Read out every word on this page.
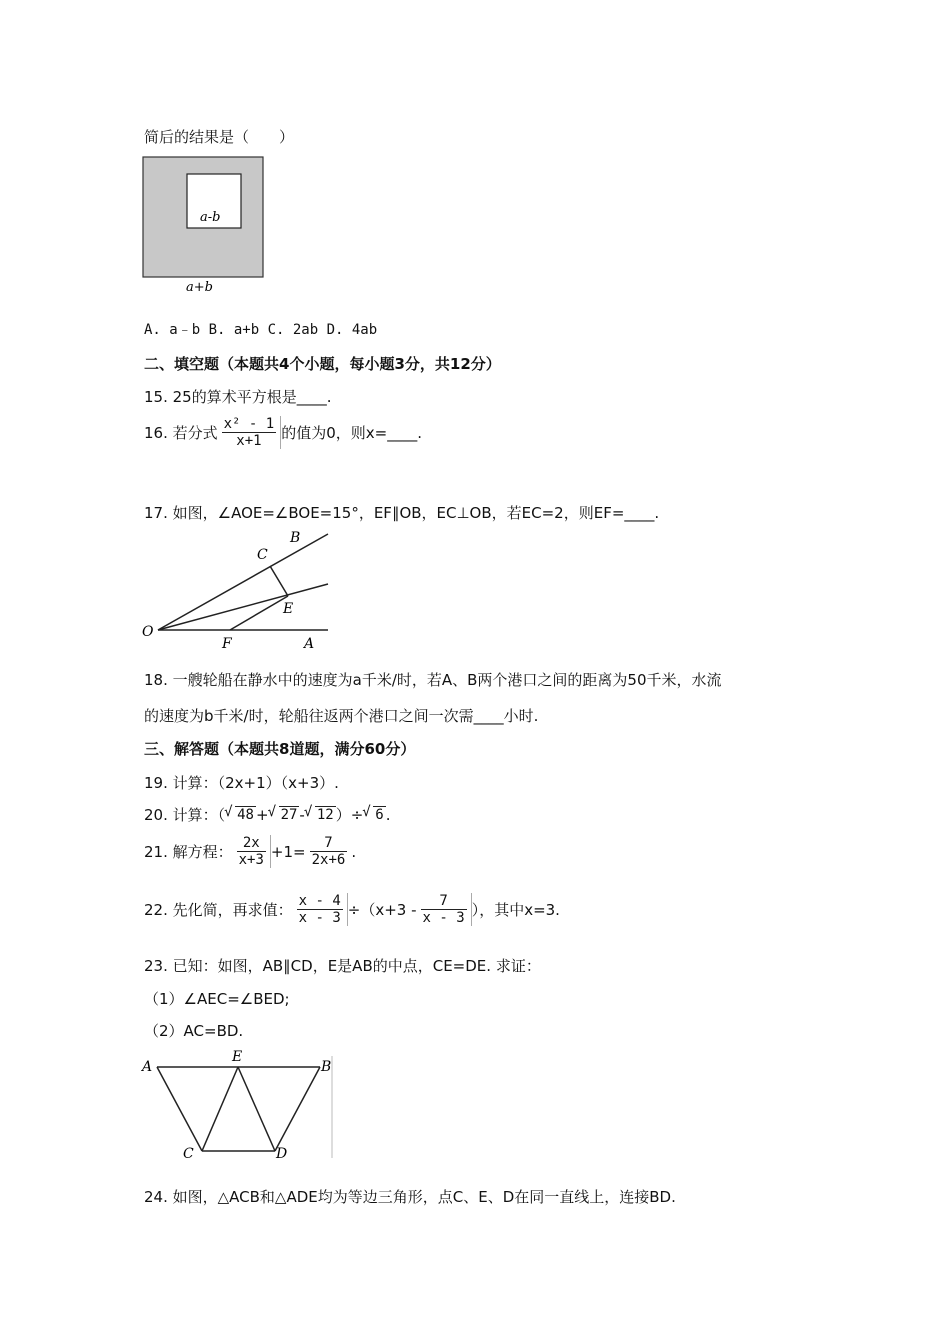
简后的结果是（　　）
a-b
a+b
A. a﹣b B. a+b C. 2ab D. 4ab
二、填空题（本题共4个小题，每小题3分，共12分）
15. 25的算术平方根是____.
16. 若分式 $\frac{\text{x² - 1}}{x+1}$ 的值为0，则x=____.
17. 如图，∠AOE=∠BOE=15°，EF∥OB，EC⊥OB，若EC=2，则EF=____.
B
C
E
O
F	A
18. 一艘轮船在静水中的速度为a千米/时，若A、B两个港口之间的距离为50千米，水流
的速度为b千米/时，轮船往返两个港口之间一次需____小时.
三、解答题（本题共8道题，满分60分）
19. 计算：（2x+1）（x+3）.
20. 计算：（ √ 48 + √ 27 - √ 12 ）÷ √ 6 .
21. 解方程： $\frac{2x}{x+3} +1= \frac{7}{2x+6}$ .
22. 先化简，再求值： $\frac{x - 4}{x - 3} \div(x+3 - \frac{7}{x - 3}$ ），其中x=3.
23. 已知：如图，AB∥CD，E是AB的中点，CE=DE. 求证：
（1）∠AEC=∠BED;
（2）AC=BD.
A
E
B
C	D
24. 如图，△ACB和△ADE均为等边三角形，点C、E、D在同一直线上，连接BD.
